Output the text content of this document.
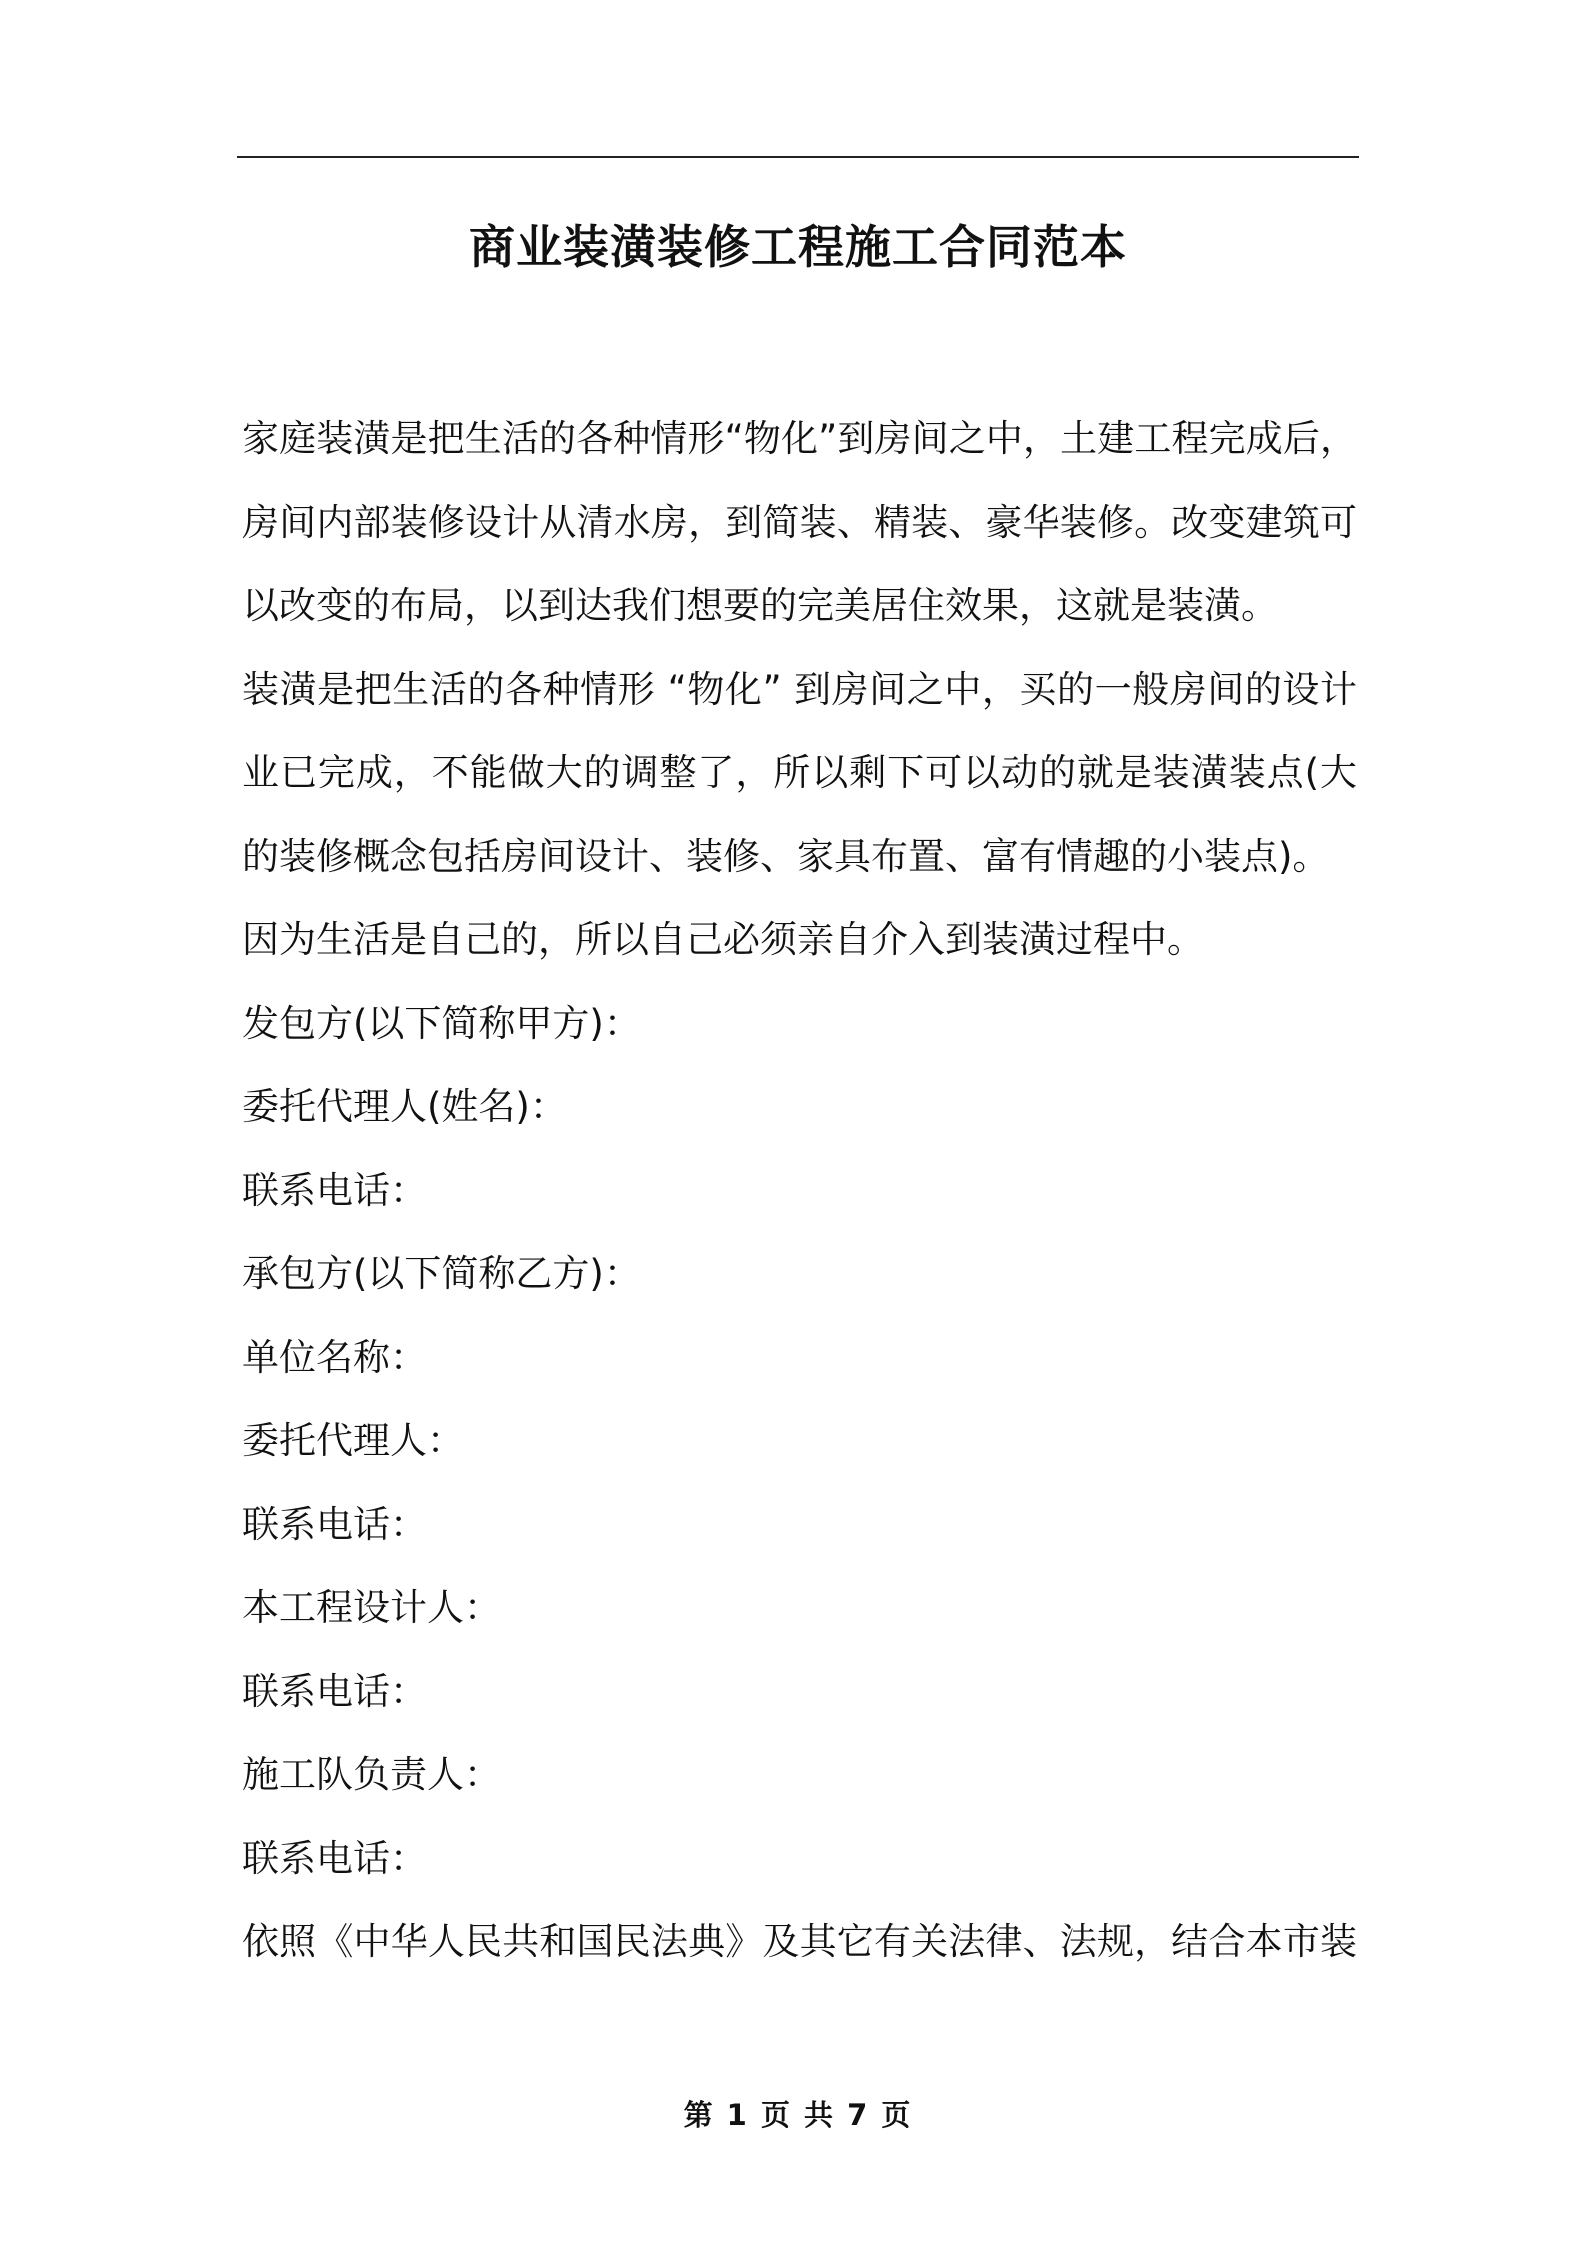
商业装潢装修工程施工合同范本
家庭装潢是把生活的各种情形“物化”到房间之中，土建工程完成后，
房间内部装修设计从清水房，到简装、精装、豪华装修。改变建筑可
以改变的布局，以到达我们想要的完美居住效果，这就是装潢。
装潢是把生活的各种情形 “物化” 到房间之中，买的一般房间的设计
业已完成，不能做大的调整了，所以剩下可以动的就是装潢装点(大
的装修概念包括房间设计、装修、家具布置、富有情趣的小装点)。
因为生活是自己的，所以自己必须亲自介入到装潢过程中。
发包方(以下简称甲方)：
委托代理人(姓名)：
联系电话：
承包方(以下简称乙方)：
单位名称：
委托代理人：
联系电话：
本工程设计人：
联系电话：
施工队负责人：
联系电话：
依照《中华人民共和国民法典》及其它有关法律、法规，结合本市装
第 1 页 共 7 页
